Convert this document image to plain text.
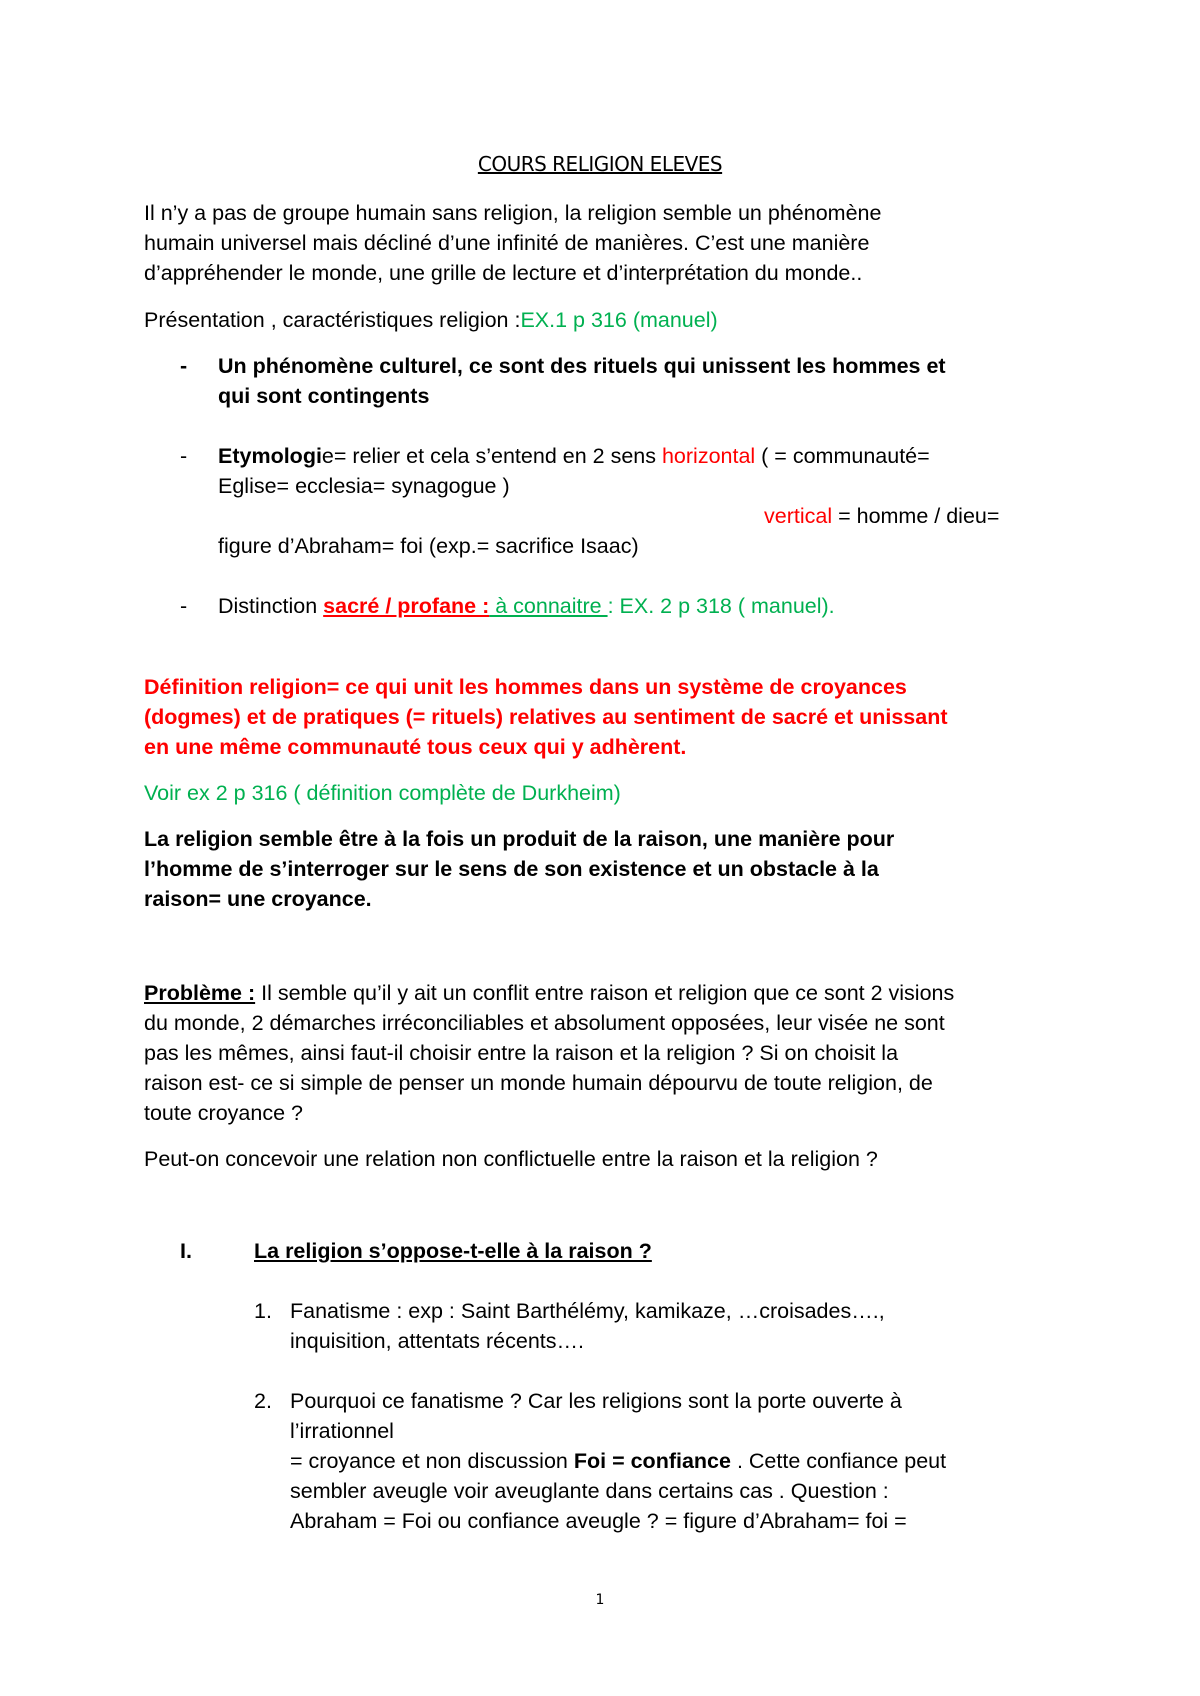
COURS RELIGION ELEVES
Il n’y a pas de groupe humain sans religion, la religion semble un phénomène
humain universel mais décliné d’une infinité de manières. C’est une manière
d’appréhender le monde, une grille de lecture et d’interprétation du monde..
Présentation , caractéristiques religion :EX.1 p 316 (manuel)
- Un phénomène culturel, ce sont des rituels qui unissent les hommes et
qui sont contingents
- Etymologie= relier et cela s’entend en 2 sens horizontal ( = communauté=
Eglise= ecclesia= synagogue )
vertical = homme / dieu=
figure d’Abraham= foi (exp.= sacrifice Isaac)
- Distinction sacré / profane : à connaitre : EX. 2 p 318 ( manuel).
Définition religion= ce qui unit les hommes dans un système de croyances
(dogmes) et de pratiques (= rituels) relatives au sentiment de sacré et unissant
en une même communauté tous ceux qui y adhèrent.
Voir ex 2 p 316 ( définition complète de Durkheim)
La religion semble être à la fois un produit de la raison, une manière pour
l’homme de s’interroger sur le sens de son existence et un obstacle à la
raison= une croyance.
Problème : Il semble qu’il y ait un conflit entre raison et religion que ce sont 2 visions
du monde, 2 démarches irréconciliables et absolument opposées, leur visée ne sont
pas les mêmes, ainsi faut-il choisir entre la raison et la religion ? Si on choisit la
raison est- ce si simple de penser un monde humain dépourvu de toute religion, de
toute croyance ?
Peut-on concevoir une relation non conflictuelle entre la raison et la religion ?
I.	La religion s’oppose-t-elle à la raison ?
1. Fanatisme : exp : Saint Barthélémy, kamikaze, …croisades….,
inquisition, attentats récents….
2. Pourquoi ce fanatisme ? Car les religions sont la porte ouverte à
l’irrationnel
= croyance et non discussion Foi = confiance . Cette confiance peut
sembler aveugle voir aveuglante dans certains cas . Question :
Abraham = Foi ou confiance aveugle ? = figure d’Abraham= foi =
1
